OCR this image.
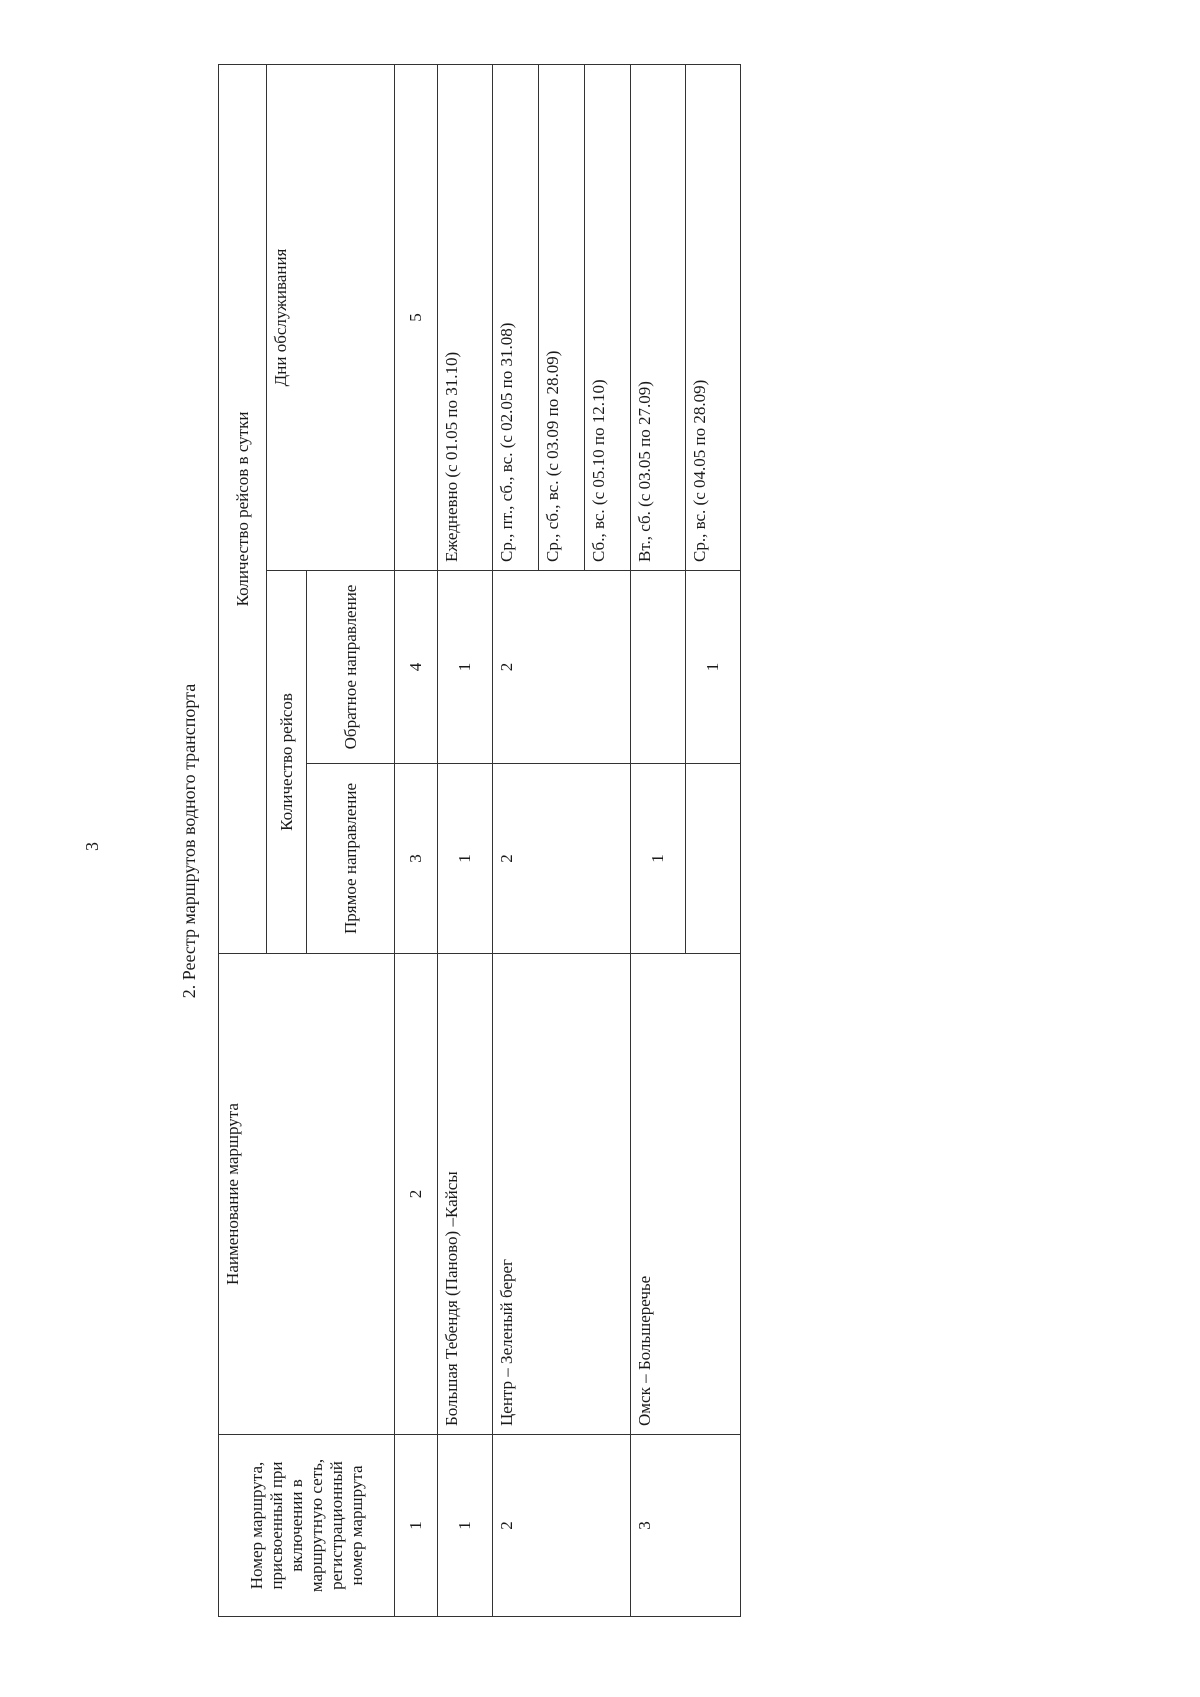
3	2. Реестр маршрутов водного транспорта
Номер маршрута, присвоенный при включении в маршрутную сеть, регистрационный номер маршрута	Наименование маршрута	Количество рейсов в сутки		
		Количество рейсов		Дни обслуживания
		Прямое направление	Обратное направление	
1	2	3	4	5
1	Большая Тебендя (Паново) –Кайсы	1	1	Ежедневно (с 01.05 по 31.10)
2	Центр – Зеленый берег	2	2	Ср., пт., сб., вс. (с 02.05 по 31.08)
				Ср., сб., вс. (с 03.09 по 28.09)
				Сб., вс. (с 05.10 по 12.10)
3	Омск – Большеречье	1		Вт., сб. (с 03.05 по 27.09)
			1	Ср., вс. (с 04.05 по 28.09)
